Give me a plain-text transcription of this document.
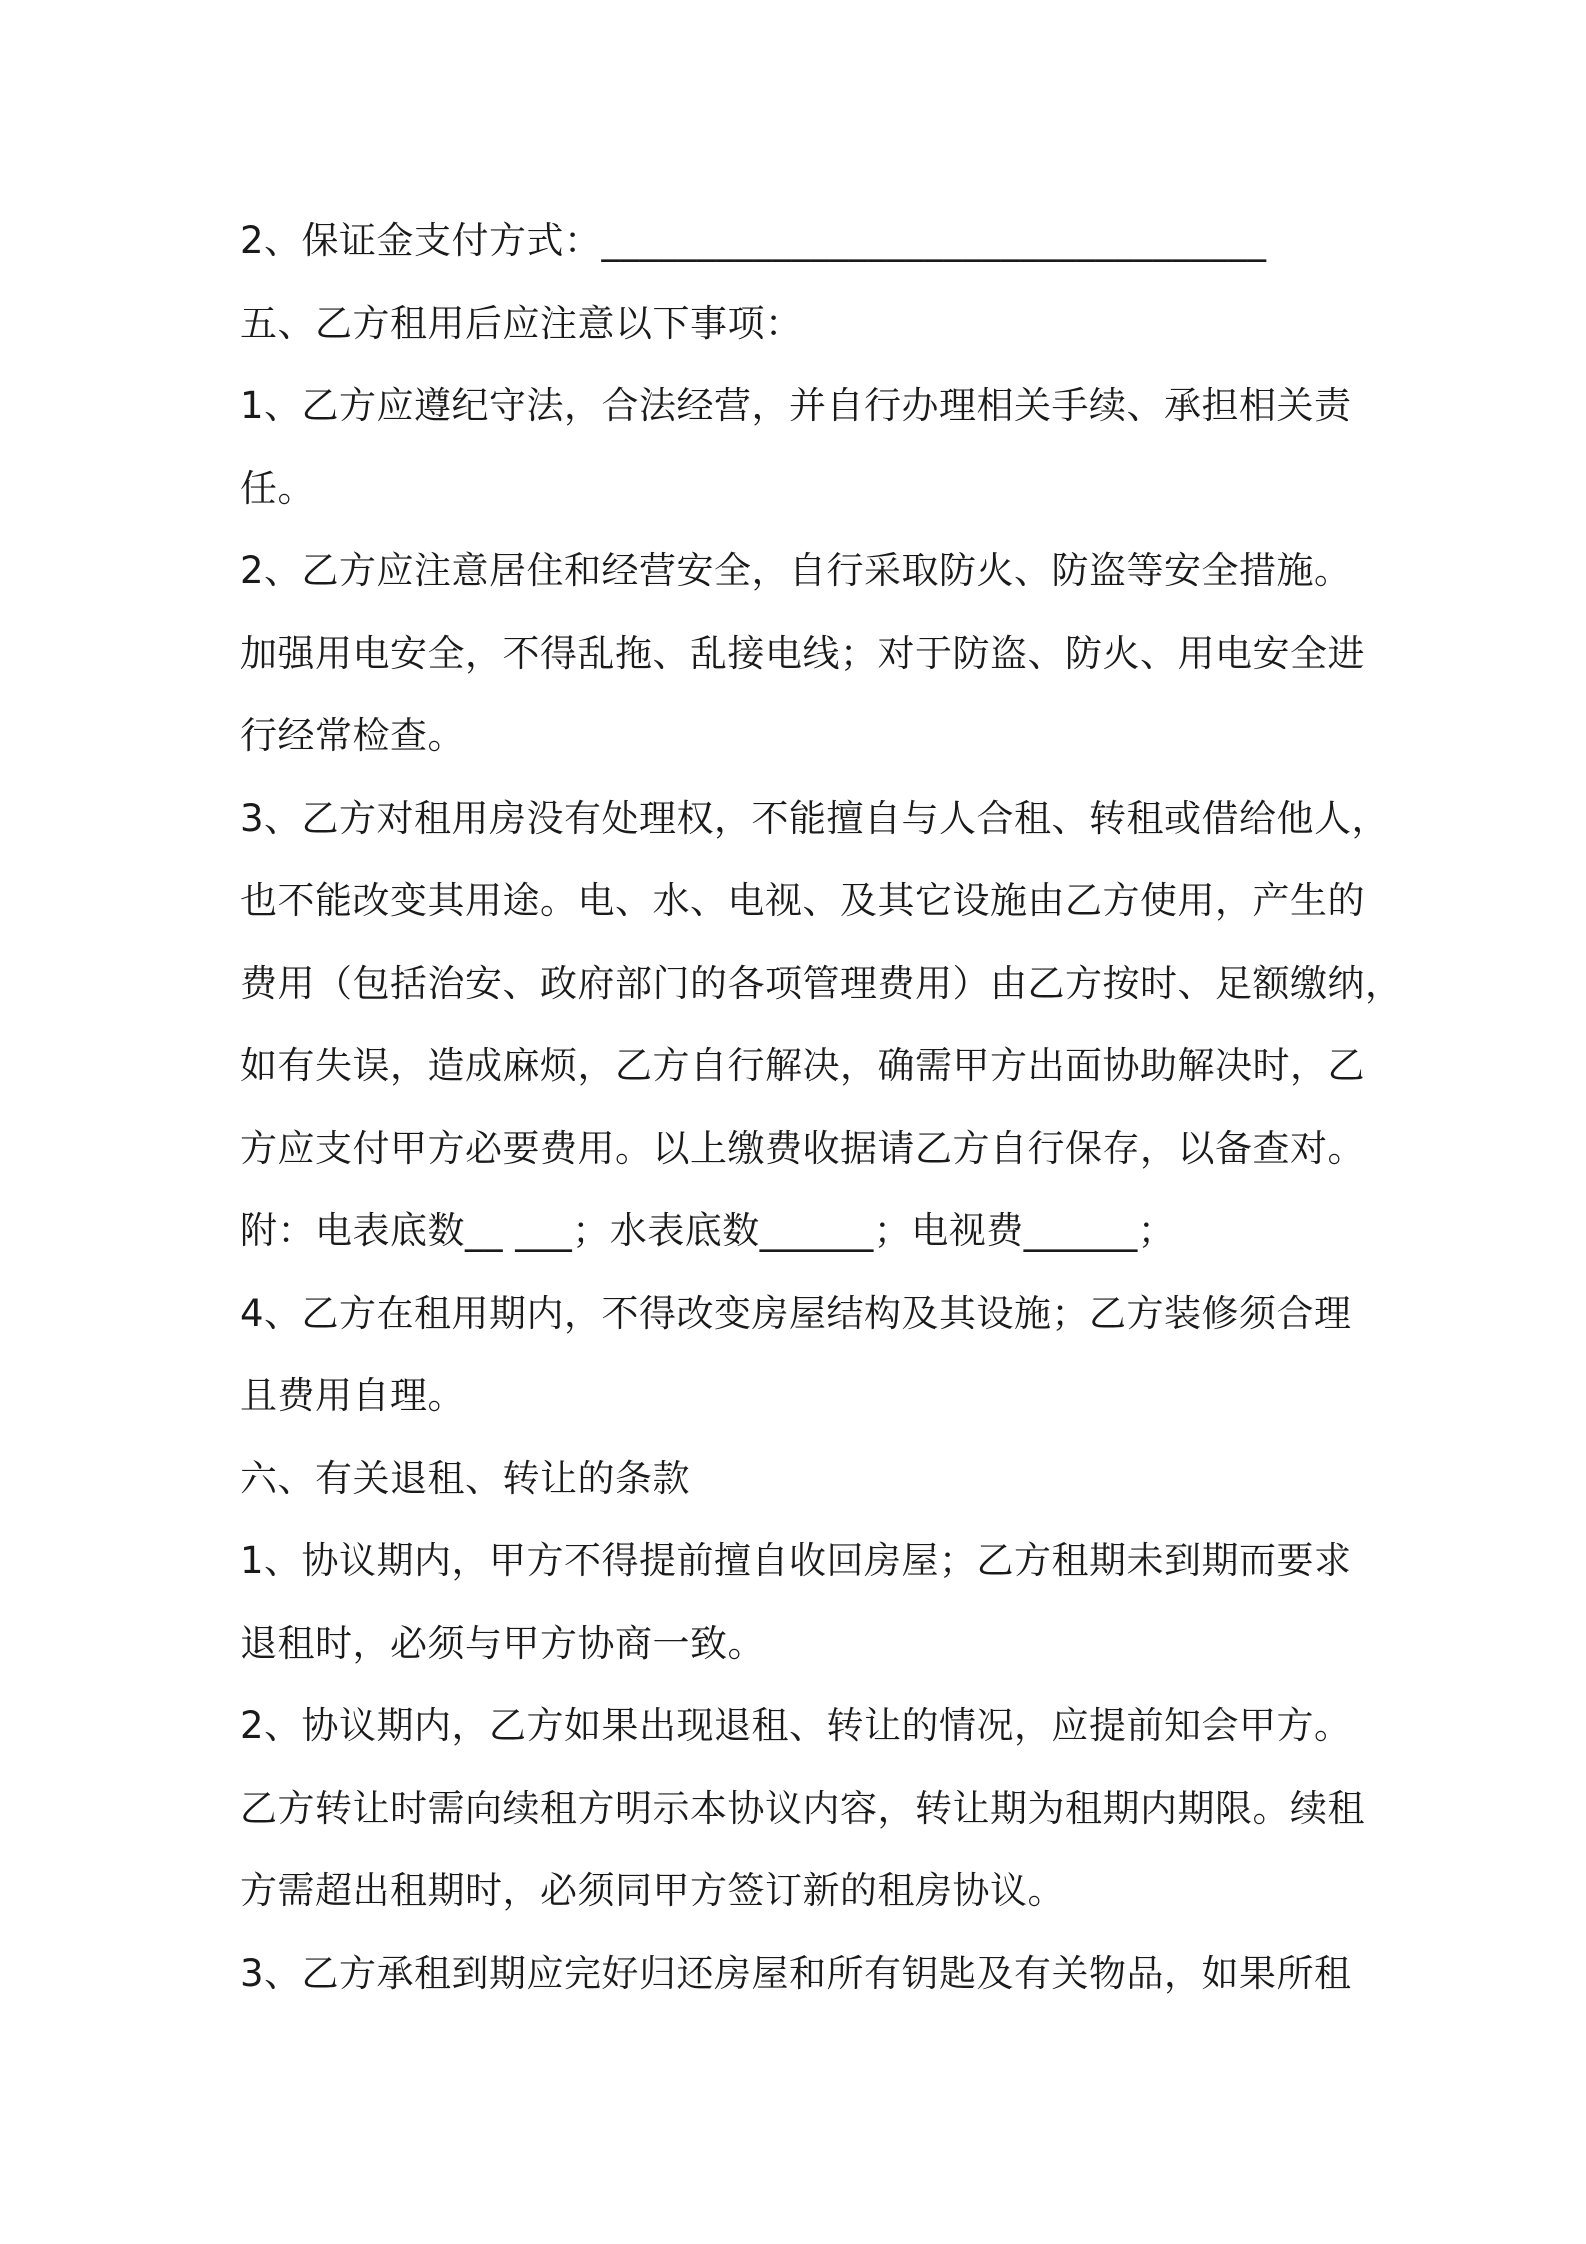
2、保证金支付方式：___________________________________
五、乙方租用后应注意以下事项：
1、乙方应遵纪守法，合法经营，并自行办理相关手续、承担相关责
任。
2、乙方应注意居住和经营安全，自行采取防火、防盗等安全措施。
加强用电安全，不得乱拖、乱接电线；对于防盗、防火、用电安全进
行经常检查。
3、乙方对租用房没有处理权，不能擅自与人合租、转租或借给他人，
也不能改变其用途。电、水、电视、及其它设施由乙方使用，产生的
费用（包括治安、政府部门的各项管理费用）由乙方按时、足额缴纳，
如有失误，造成麻烦，乙方自行解决，确需甲方出面协助解决时，乙
方应支付甲方必要费用。以上缴费收据请乙方自行保存，以备查对。
附：电表底数__ ___；水表底数______；电视费______；
4、乙方在租用期内，不得改变房屋结构及其设施；乙方装修须合理
且费用自理。
六、有关退租、转让的条款
1、协议期内，甲方不得提前擅自收回房屋；乙方租期未到期而要求
退租时，必须与甲方协商一致。
2、协议期内，乙方如果出现退租、转让的情况，应提前知会甲方。
乙方转让时需向续租方明示本协议内容，转让期为租期内期限。续租
方需超出租期时，必须同甲方签订新的租房协议。
3、乙方承租到期应完好归还房屋和所有钥匙及有关物品，如果所租
